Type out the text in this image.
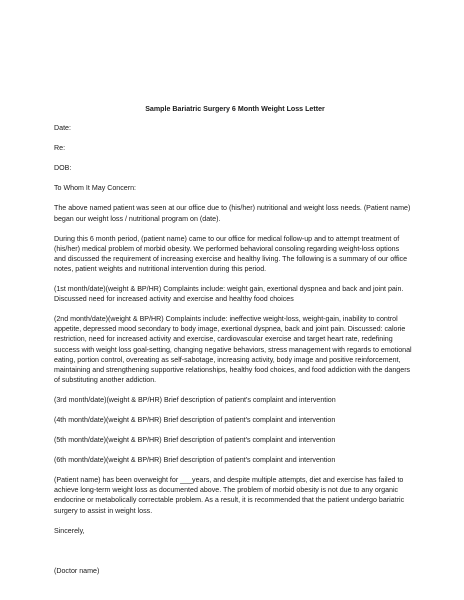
Sample Bariatric Surgery 6 Month Weight Loss Letter
Date:
Re:
DOB:
To Whom It May Concern:
The above named patient was seen at our office due to (his/her) nutritional and weight loss needs. (Patient name)
began our weight loss / nutritional program on (date).
During this 6 month period, (patient name) came to our office for medical follow-up and to attempt treatment of
(his/her) medical problem of morbid obesity. We performed behavioral consoling regarding weight-loss options
and discussed the requirement of increasing exercise and healthy living. The following is a summary of our office
notes, patient weights and nutritional intervention during this period.
(1st month/date)(weight & BP/HR) Complaints include: weight gain, exertional dyspnea and back and joint pain.
Discussed need for increased activity and exercise and healthy food choices
(2nd month/date)(weight & BP/HR) Complaints include: ineffective weight-loss, weight-gain, inability to control
appetite, depressed mood secondary to body image, exertional dyspnea, back and joint pain. Discussed: calorie
restriction, need for increased activity and exercise, cardiovascular exercise and target heart rate, redefining
success with weight loss goal-setting, changing negative behaviors, stress management with regards to emotional
eating, portion control, overeating as self-sabotage, increasing activity, body image and positive reinforcement,
maintaining and strengthening supportive relationships, healthy food choices, and food addiction with the dangers
of substituting another addiction.
(3rd month/date)(weight & BP/HR) Brief description of patient's complaint and intervention
(4th month/date)(weight & BP/HR) Brief description of patient's complaint and intervention
(5th month/date)(weight & BP/HR) Brief description of patient's complaint and intervention
(6th month/date)(weight & BP/HR) Brief description of patient's complaint and intervention
(Patient name) has been overweight for ___years, and despite multiple attempts, diet and exercise has failed to
achieve long-term weight loss as documented above. The problem of morbid obesity is not due to any organic
endocrine or metabolically correctable problem. As a result, it is recommended that the patient undergo bariatric
surgery to assist in weight loss.
Sincerely,
(Doctor name)
